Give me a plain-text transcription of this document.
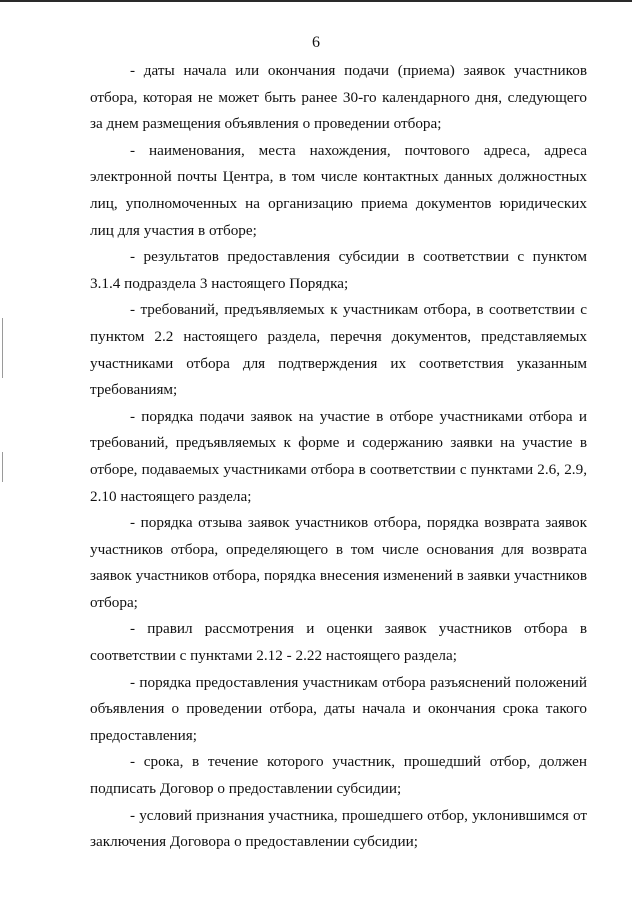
6

- даты начала или окончания подачи (приема) заявок участников отбора, которая не может быть ранее 30-го календарного дня, следующего за днем размещения объявления о проведении отбора;

- наименования, места нахождения, почтового адреса, адреса электронной почты Центра, в том числе контактных данных должностных лиц, уполномоченных на организацию приема документов юридических лиц для участия в отборе;

- результатов предоставления субсидии в соответствии с пунктом 3.1.4 подраздела 3 настоящего Порядка;

- требований, предъявляемых к участникам отбора, в соответствии с пунктом 2.2 настоящего раздела, перечня документов, представляемых участниками отбора для подтверждения их соответствия указанным требованиям;

- порядка подачи заявок на участие в отборе участниками отбора и требований, предъявляемых к форме и содержанию заявки на участие в отборе, подаваемых участниками отбора в соответствии с пунктами 2.6, 2.9, 2.10 настоящего раздела;

- порядка отзыва заявок участников отбора, порядка возврата заявок участников отбора, определяющего в том числе основания для возврата заявок участников отбора, порядка внесения изменений в заявки участников отбора;

- правил рассмотрения и оценки заявок участников отбора в соответствии с пунктами 2.12 - 2.22 настоящего раздела;

- порядка предоставления участникам отбора разъяснений положений объявления о проведении отбора, даты начала и окончания срока такого предоставления;

- срока, в течение которого участник, прошедший отбор, должен подписать Договор о предоставлении субсидии;

- условий признания участника, прошедшего отбор, уклонившимся от заключения Договора о предоставлении субсидии;
